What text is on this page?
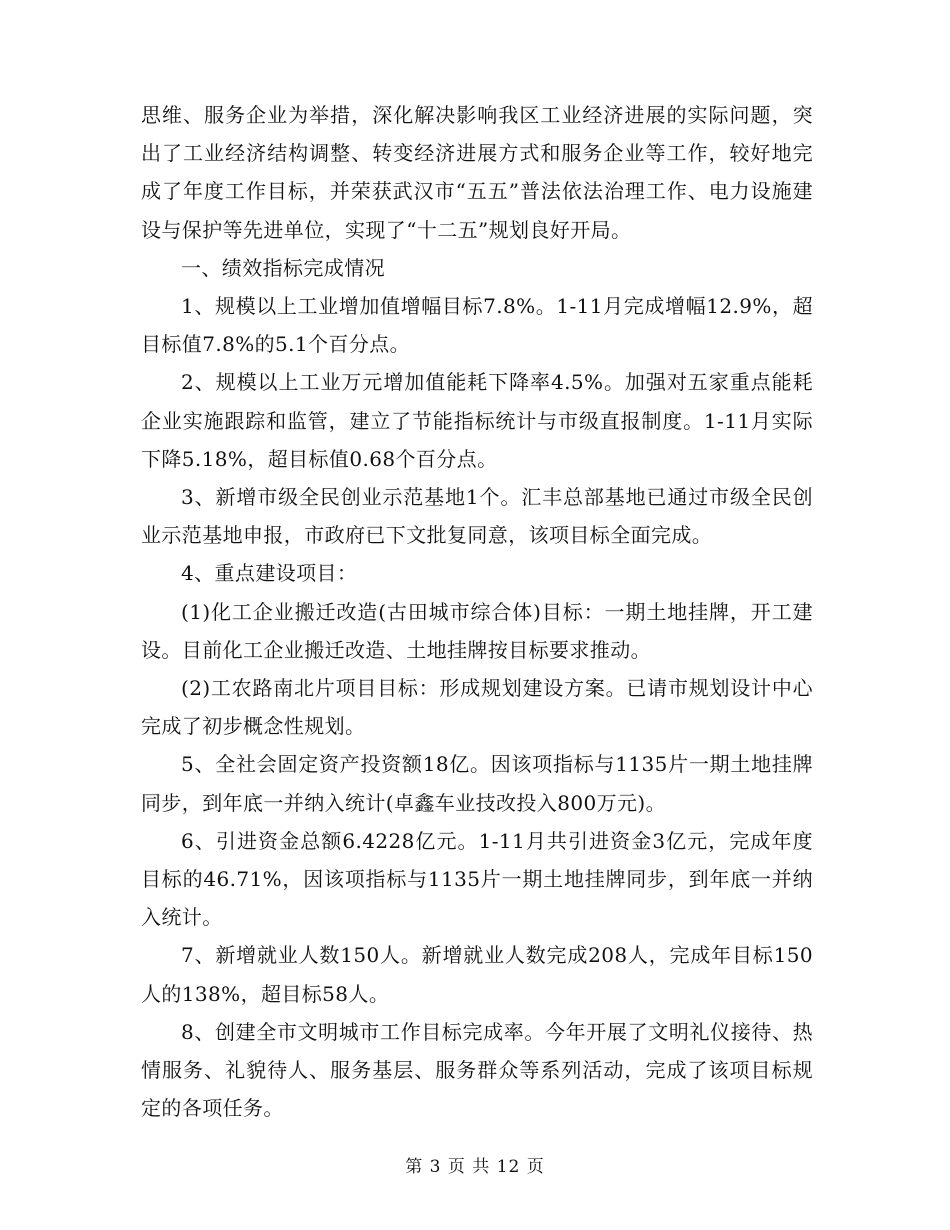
思维、服务企业为举措，深化解决影响我区工业经济进展的实际问题，突出了工业经济结构调整、转变经济进展方式和服务企业等工作，较好地完成了年度工作目标，并荣获武汉市“五五”普法依法治理工作、电力设施建设与保护等先进单位，实现了“十二五”规划良好开局。

一、绩效指标完成情况

1、规模以上工业增加值增幅目标7.8%。1-11月完成增幅12.9%，超目标值7.8%的5.1个百分点。

2、规模以上工业万元增加值能耗下降率4.5%。加强对五家重点能耗企业实施跟踪和监管，建立了节能指标统计与市级直报制度。1-11月实际下降5.18%，超目标值0.68个百分点。

3、新增市级全民创业示范基地1个。汇丰总部基地已通过市级全民创业示范基地申报，市政府已下文批复同意，该项目标全面完成。

4、重点建设项目：

(1)化工企业搬迁改造(古田城市综合体)目标：一期土地挂牌，开工建设。目前化工企业搬迁改造、土地挂牌按目标要求推动。

(2)工农路南北片项目目标：形成规划建设方案。已请市规划设计中心完成了初步概念性规划。

5、全社会固定资产投资额18亿。因该项指标与1135片一期土地挂牌同步，到年底一并纳入统计(卓鑫车业技改投入800万元)。

6、引进资金总额6.4228亿元。1-11月共引进资金3亿元，完成年度目标的46.71%，因该项指标与1135片一期土地挂牌同步，到年底一并纳入统计。

7、新增就业人数150人。新增就业人数完成208人，完成年目标150人的138%，超目标58人。

8、创建全市文明城市工作目标完成率。今年开展了文明礼仪接待、热情服务、礼貌待人、服务基层、服务群众等系列活动，完成了该项目标规定的各项任务。

第 3 页 共 12 页
